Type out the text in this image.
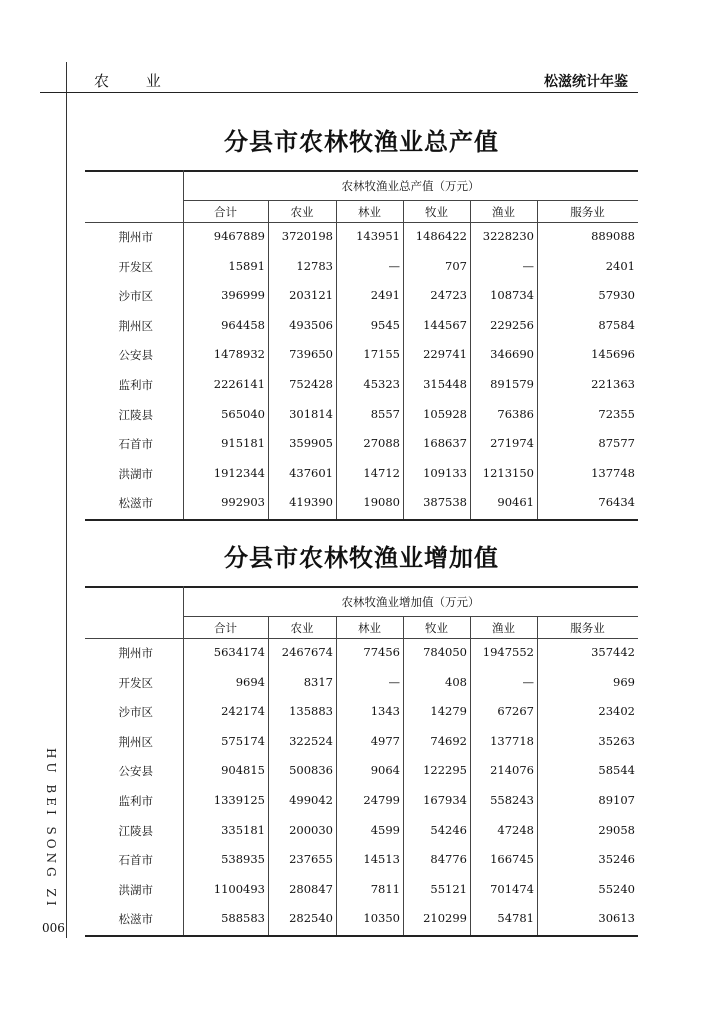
农 业	松滋统计年鉴
分县市农林牧渔业总产值
农林牧渔业总产值（万元）
合计	农业	林业	牧业	渔业	服务业
荆州市	9467889	3720198	143951	1486422	3228230	889088
开发区	15891	12783	—	707	—	2401
沙市区	396999	203121	2491	24723	108734	57930
荆州区	964458	493506	9545	144567	229256	87584
公安县	1478932	739650	17155	229741	346690	145696
监利市	2226141	752428	45323	315448	891579	221363
江陵县	565040	301814	8557	105928	76386	72355
石首市	915181	359905	27088	168637	271974	87577
洪湖市	1912344	437601	14712	109133	1213150	137748
松滋市	992903	419390	19080	387538	90461	76434
分县市农林牧渔业增加值
农林牧渔业增加值（万元）
合计	农业	林业	牧业	渔业	服务业
荆州市	5634174	2467674	77456	784050	1947552	357442
开发区	9694	8317	—	408	—	969
沙市区	242174	135883	1343	14279	67267	23402
荆州区	575174	322524	4977	74692	137718	35263
公安县	904815	500836	9064	122295	214076	58544
监利市	1339125	499042	24799	167934	558243	89107
江陵县	335181	200030	4599	54246	47248	29058
石首市	538935	237655	14513	84776	166745	35246
洪湖市	1100493	280847	7811	55121	701474	55240
松滋市	588583	282540	10350	210299	54781	30613
HU BEI SONG ZI
006
